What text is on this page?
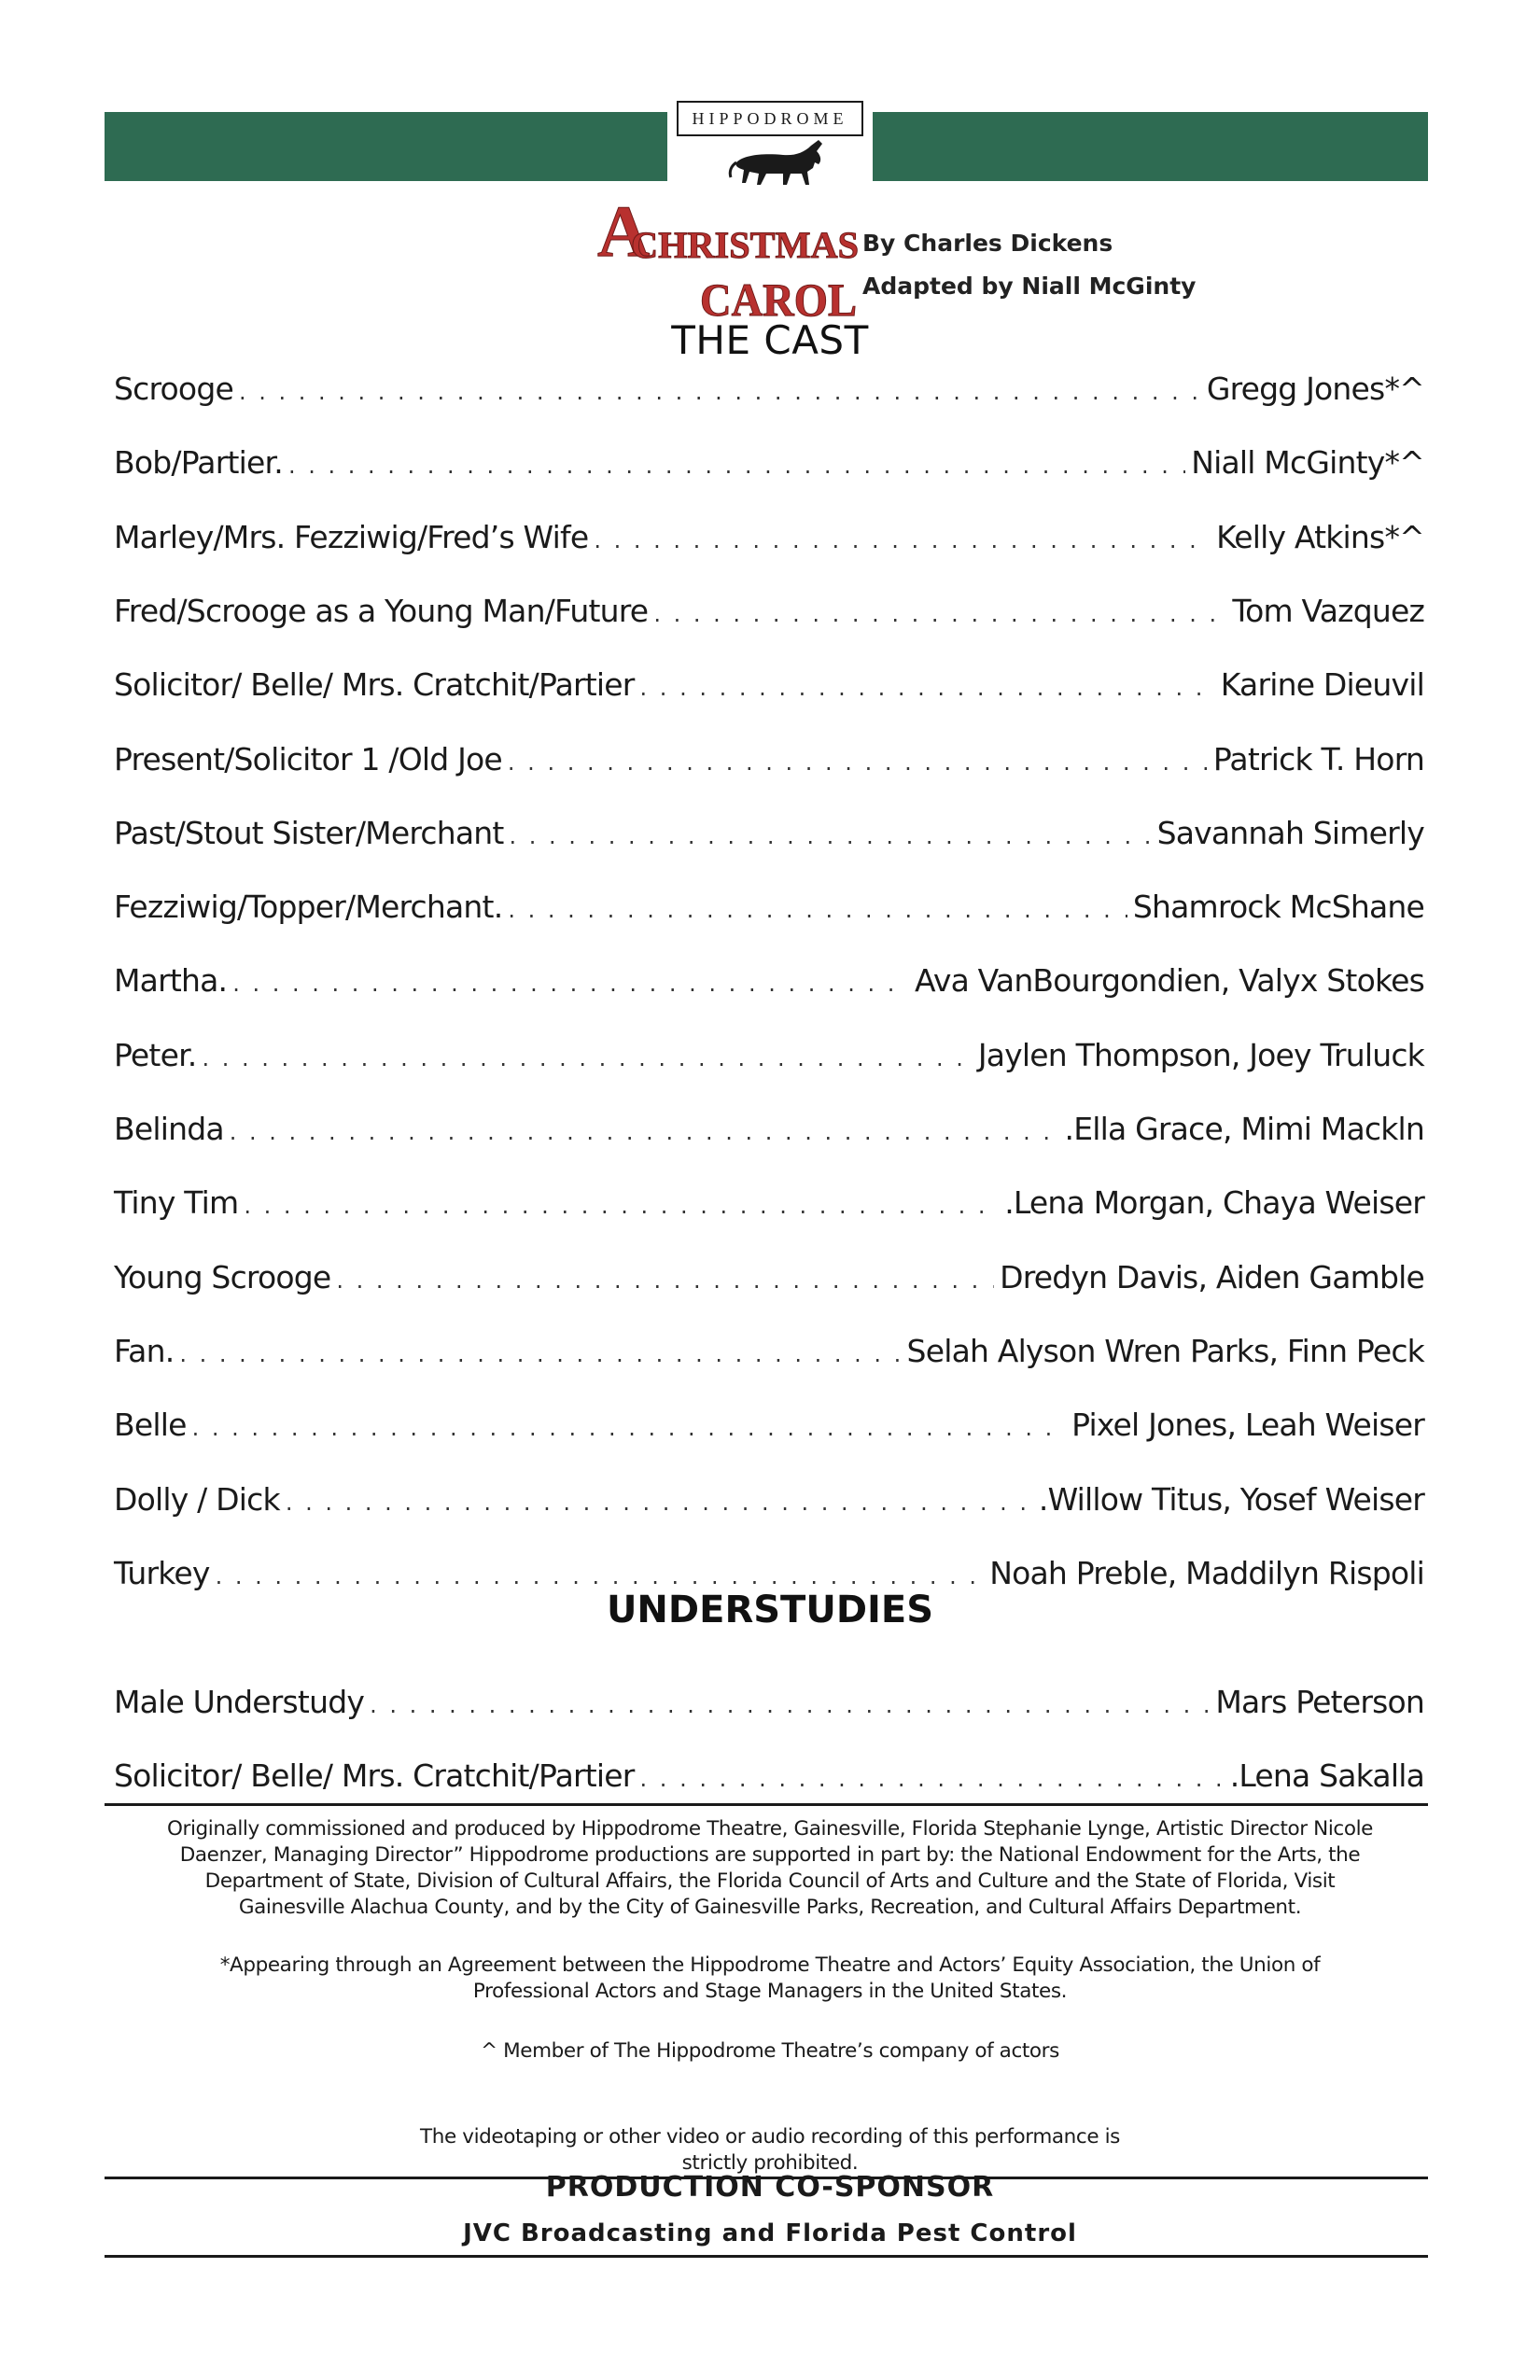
HIPPODROME
A
CHRISTMAS
CAROL
By Charles Dickens
Adapted by Niall McGinty
THE CAST
Scrooge . . .	Gregg Jones*^
Bob/Partier. . . .	Niall McGinty*^
Marley/Mrs. Fezziwig/Fred’s Wife . . .	Kelly Atkins*^
Fred/Scrooge as a Young Man/Future . . .	Tom Vazquez
Solicitor/ Belle/ Mrs. Cratchit/Partier . . .	Karine Dieuvil
Present/Solicitor 1 /Old Joe . . .	Patrick T. Horn
Past/Stout Sister/Merchant . . .	Savannah Simerly
Fezziwig/Topper/Merchant. . . .	Shamrock McShane
Martha. . . .	Ava VanBourgondien, Valyx Stokes
Peter. . . .	Jaylen Thompson, Joey Truluck
Belinda . . .	.Ella Grace, Mimi Mackln
Tiny Tim . . .	.Lena Morgan, Chaya Weiser
Young Scrooge . . .	Dredyn Davis, Aiden Gamble
Fan. . . .	Selah Alyson Wren Parks, Finn Peck
Belle . . .	Pixel Jones, Leah Weiser
Dolly / Dick . . .	.Willow Titus, Yosef Weiser
Turkey . . .	Noah Preble, Maddilyn Rispoli
UNDERSTUDIES
Male Understudy . . .	Mars Peterson
Solicitor/ Belle/ Mrs. Cratchit/Partier . . .	.Lena Sakalla
Originally commissioned and produced by Hippodrome Theatre, Gainesville, Florida Stephanie Lynge, Artistic Director Nicole Daenzer, Managing Director” Hippodrome productions are supported in part by: the National Endowment for the Arts, the Department of State, Division of Cultural Affairs, the Florida Council of Arts and Culture and the State of Florida, Visit Gainesville Alachua County, and by the City of Gainesville Parks, Recreation, and Cultural Affairs Department.
*Appearing through an Agreement between the Hippodrome Theatre and Actors’ Equity Association, the Union of Professional Actors and Stage Managers in the United States.
^ Member of The Hippodrome Theatre’s company of actors
The videotaping or other video or audio recording of this performance is strictly prohibited.
PRODUCTION CO-SPONSOR
JVC Broadcasting and Florida Pest Control
